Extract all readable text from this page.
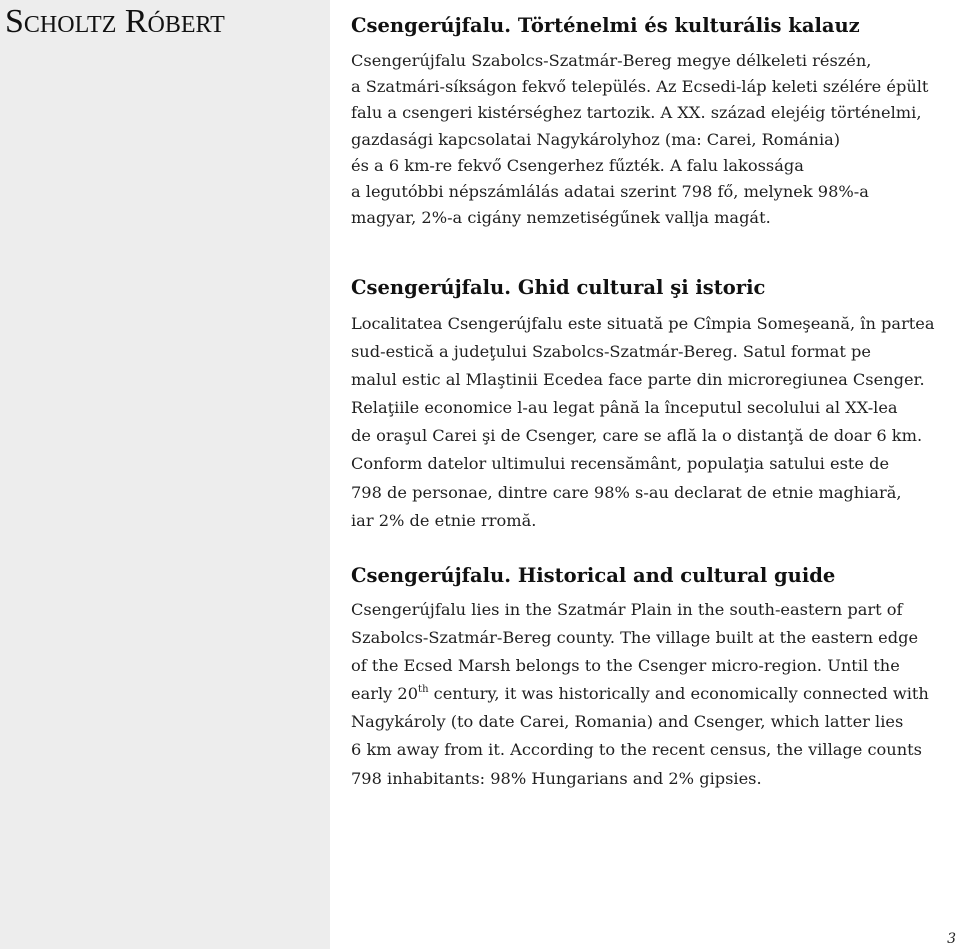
Scholtz Róbert	Csengerújfalu. Történelmi és kulturális kalauz

Csengerújfalu Szabolcs-Szatmár-Bereg megye délkeleti részén,
a Szatmári-síkságon fekvő település. Az Ecsedi-láp keleti szélére épült
falu a csengeri kistérséghez tartozik. A XX. század elejéig történelmi,
gazdasági kapcsolatai Nagykárolyhoz (ma: Carei, Románia)
és a 6 km-re fekvő Csengerhez fűzték. A falu lakossága
a legutóbbi népszámlálás adatai szerint 798 fő, melynek 98%-a
magyar, 2%-a cigány nemzetiségűnek vallja magát.

Csengerújfalu. Ghid cultural şi istoric

Localitatea Csengerújfalu este situată pe Cîmpia Someşeană, în partea
sud-estică a judeţului Szabolcs-Szatmár-Bereg. Satul format pe
malul estic al Mlaştinii Ecedea face parte din microregiunea Csenger.
Relaţiile economice l-au legat până la începutul secolului al XX-lea
de oraşul Carei şi de Csenger, care se află la o distanţă de doar 6 km.
Conform datelor ultimului recensământ, populaţia satului este de
798 de personae, dintre care 98% s-au declarat de etnie maghiară,
iar 2% de etnie rromă.

Csengerújfalu. Historical and cultural guide

Csengerújfalu lies in the Szatmár Plain in the south-eastern part of
Szabolcs-Szatmár-Bereg county. The village built at the eastern edge
of the Ecsed Marsh belongs to the Csenger micro-region. Until the
early 20th century, it was historically and economically connected with
Nagykároly (to date Carei, Romania) and Csenger, which latter lies
6 km away from it. According to the recent census, the village counts
798 inhabitants: 98% Hungarians and 2% gipsies.

3
